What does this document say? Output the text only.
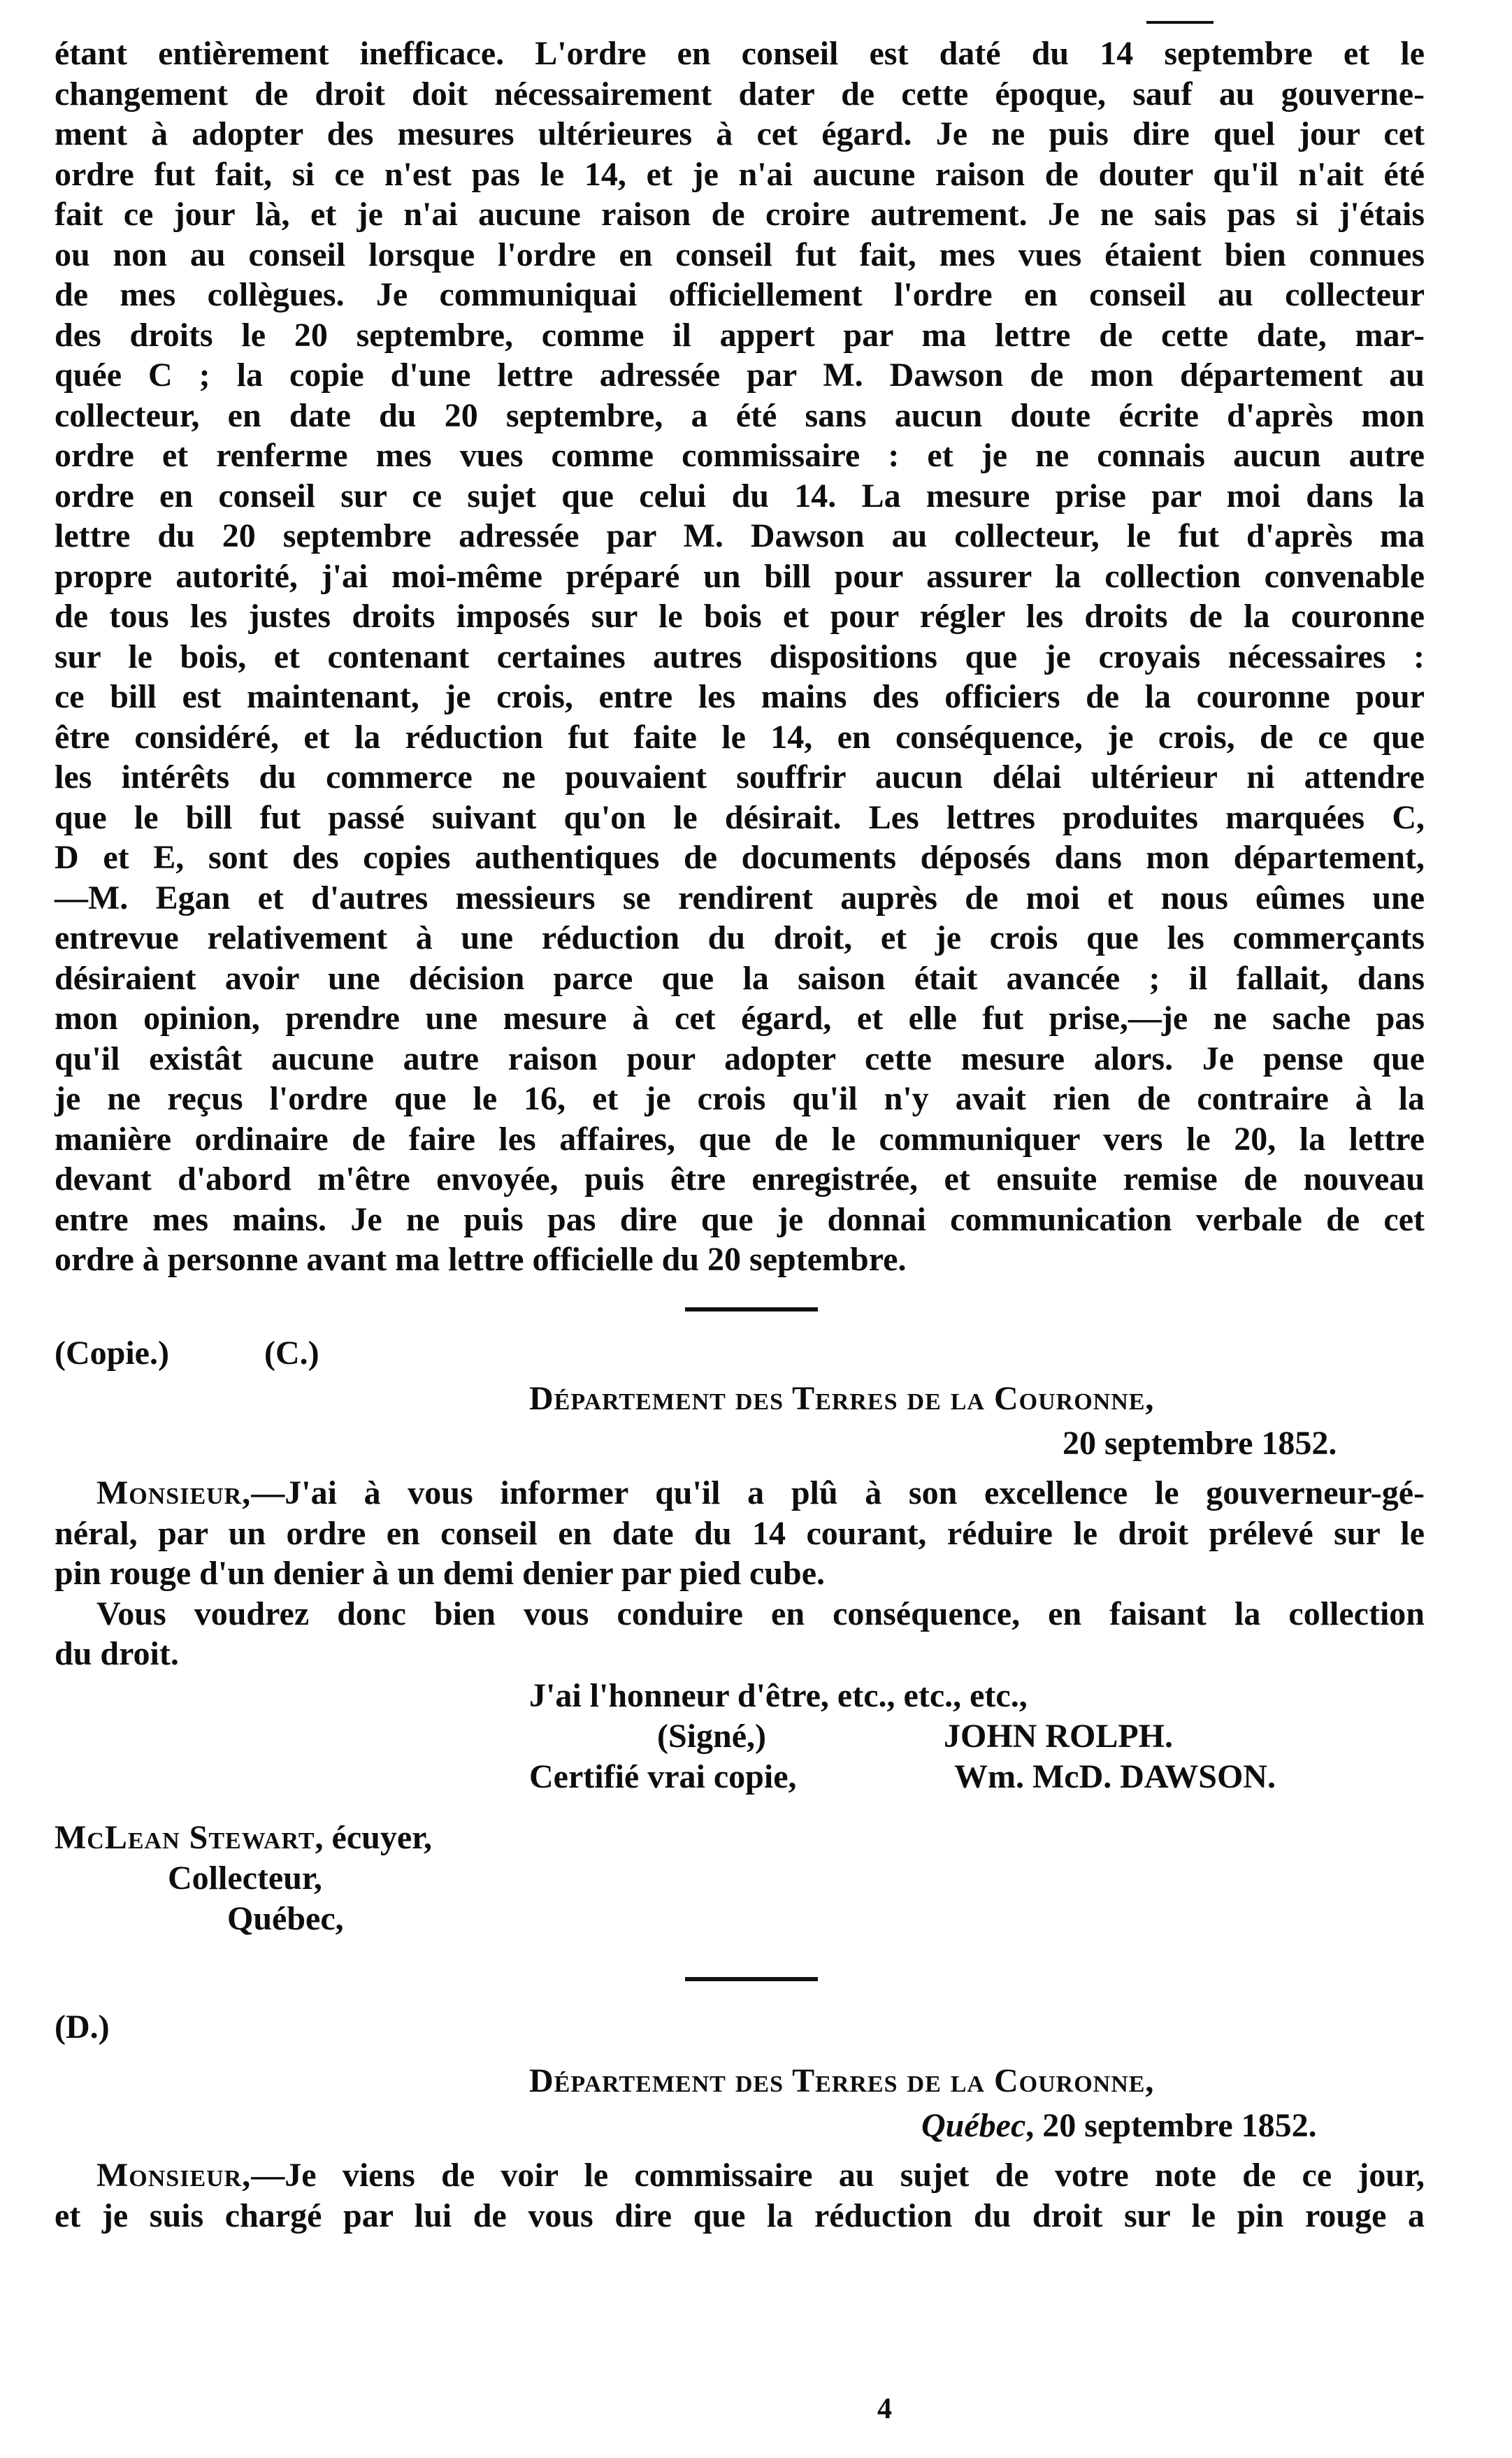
étant entièrement inefficace. L'ordre en conseil est daté du 14 septembre et le
changement de droit doit nécessairement dater de cette époque, sauf au gouverne-
ment à adopter des mesures ultérieures à cet égard. Je ne puis dire quel jour cet
ordre fut fait, si ce n'est pas le 14, et je n'ai aucune raison de douter qu'il n'ait été
fait ce jour là, et je n'ai aucune raison de croire autrement. Je ne sais pas si j'étais
ou non au conseil lorsque l'ordre en conseil fut fait, mes vues étaient bien connues
de mes collègues. Je communiquai officiellement l'ordre en conseil au collecteur
des droits le 20 septembre, comme il appert par ma lettre de cette date, mar-
quée C ; la copie d'une lettre adressée par M. Dawson de mon département au
collecteur, en date du 20 septembre, a été sans aucun doute écrite d'après mon
ordre et renferme mes vues comme commissaire : et je ne connais aucun autre
ordre en conseil sur ce sujet que celui du 14. La mesure prise par moi dans la
lettre du 20 septembre adressée par M. Dawson au collecteur, le fut d'après ma
propre autorité, j'ai moi-même préparé un bill pour assurer la collection convenable
de tous les justes droits imposés sur le bois et pour régler les droits de la couronne
sur le bois, et contenant certaines autres dispositions que je croyais nécessaires :
ce bill est maintenant, je crois, entre les mains des officiers de la couronne pour
être considéré, et la réduction fut faite le 14, en conséquence, je crois, de ce que
les intérêts du commerce ne pouvaient souffrir aucun délai ultérieur ni attendre
que le bill fut passé suivant qu'on le désirait. Les lettres produites marquées C,
D et E, sont des copies authentiques de documents déposés dans mon département,
—M. Egan et d'autres messieurs se rendirent auprès de moi et nous eûmes une
entrevue relativement à une réduction du droit, et je crois que les commerçants
désiraient avoir une décision parce que la saison était avancée ; il fallait, dans
mon opinion, prendre une mesure à cet égard, et elle fut prise,—je ne sache pas
qu'il existât aucune autre raison pour adopter cette mesure alors. Je pense que
je ne reçus l'ordre que le 16, et je crois qu'il n'y avait rien de contraire à la
manière ordinaire de faire les affaires, que de le communiquer vers le 20, la lettre
devant d'abord m'être envoyée, puis être enregistrée, et ensuite remise de nouveau
entre mes mains. Je ne puis pas dire que je donnai communication verbale de cet
ordre à personne avant ma lettre officielle du 20 septembre.
(Copie.)	(C.)
Département des Terres de la Couronne,
20 septembre 1852.
Monsieur,—J'ai à vous informer qu'il a plû à son excellence le gouverneur-gé-
néral, par un ordre en conseil en date du 14 courant, réduire le droit prélevé sur le
pin rouge d'un denier à un demi denier par pied cube.
Vous voudrez donc bien vous conduire en conséquence, en faisant la collection
du droit.
J'ai l'honneur d'être, etc., etc., etc.,
(Signé,)	JOHN ROLPH.
Certifié vrai copie,	Wm. McD. DAWSON.
McLean Stewart, écuyer,
Collecteur,
Québec,
(D.)
Département des Terres de la Couronne,
Québec, 20 septembre 1852.
Monsieur,—Je viens de voir le commissaire au sujet de votre note de ce jour,
et je suis chargé par lui de vous dire que la réduction du droit sur le pin rouge a
4
